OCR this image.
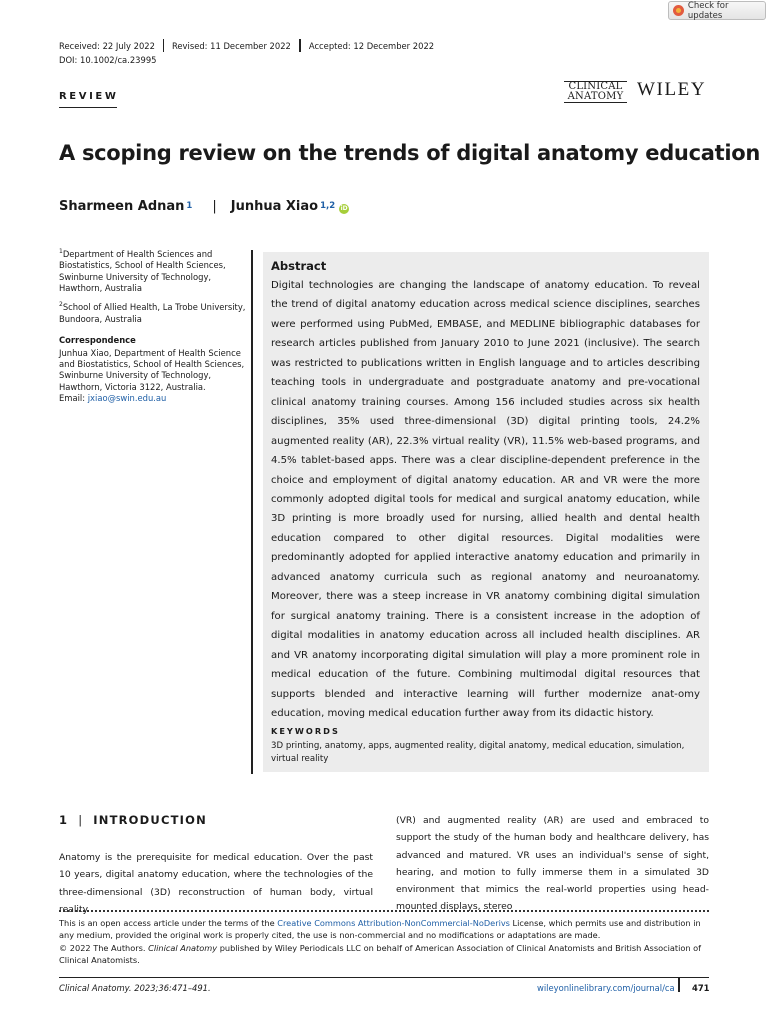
Check for updates
Received: 22 July 2022 Revised: 11 December 2022 Accepted: 12 December 2022
DOI: 10.1002/ca.23995
REVIEW
CLINICAL
ANATOMY WILEY
A scoping review on the trends of digital anatomy education
Sharmeen Adnan$^1$ | Junhua Xiao$^{1,2}$ iD

$^1$Department of Health Sciences and Biostatistics, School of Health Sciences, Swinburne University of Technology, Hawthorn, Australia

$^2$School of Allied Health, La Trobe University, Bundoora, Australia

Correspondence

Junhua Xiao, Department of Health Science and Biostatistics, School of Health Sciences, Swinburne University of Technology, Hawthorn, Victoria 3122, Australia.
Email: jxiao@swin.edu.au

Abstract
Digital technologies are changing the landscape of anatomy education. To reveal the trend of digital anatomy education across medical science disciplines, searches were performed using PubMed, EMBASE, and MEDLINE bibliographic databases for research articles published from January 2010 to June 2021 (inclusive). The search was restricted to publications written in English language and to articles describing teaching tools in undergraduate and postgraduate anatomy and pre-vocational clinical anatomy training courses. Among 156 included studies across six health disciplines, 35% used three-dimensional (3D) digital printing tools, 24.2% augmented reality (AR), 22.3% virtual reality (VR), 11.5% web-based programs, and 4.5% tablet-based apps. There was a clear discipline-dependent preference in the choice and employment of digital anatomy education. AR and VR were the more commonly adopted digital tools for medical and surgical anatomy education, while 3D printing is more broadly used for nursing, allied health and dental health education compared to other digital resources. Digital modalities were predominantly adopted for applied interactive anatomy education and primarily in advanced anatomy curricula such as regional anatomy and neuroanatomy. Moreover, there was a steep increase in VR anatomy combining digital simulation for surgical anatomy training. There is a consistent increase in the adoption of digital modalities in anatomy education across all included health disciplines. AR and VR anatomy incorporating digital simulation will play a more prominent role in medical education of the future. Combining multimodal digital resources that supports blended and interactive learning will further modernize anat-omy education, moving medical education further away from its didactic history.
KEYWORDS
3D printing, anatomy, apps, augmented reality, digital anatomy, medical education, simulation, virtual reality
1 | INTRODUCTION
Anatomy is the prerequisite for medical education. Over the past 10 years, digital anatomy education, where the technologies of the three-dimensional (3D) reconstruction of human body, virtual reality
(VR) and augmented reality (AR) are used and embraced to support the study of the human body and healthcare delivery, has advanced and matured. VR uses an individual's sense of sight, hearing, and motion to fully immerse them in a simulated 3D environment that mimics the real-world properties using head-mounted displays, stereo
This is an open access article under the terms of the Creative Commons Attribution-NonCommercial-NoDerivs License, which permits use and distribution in any medium, provided the original work is properly cited, the use is non-commercial and no modifications or adaptations are made.
© 2022 The Authors. Clinical Anatomy published by Wiley Periodicals LLC on behalf of American Association of Clinical Anatomists and British Association of Clinical Anatomists.
Clinical Anatomy. 2023;36:471–491.	wileyonlinelibrary.com/journal/ca 471
